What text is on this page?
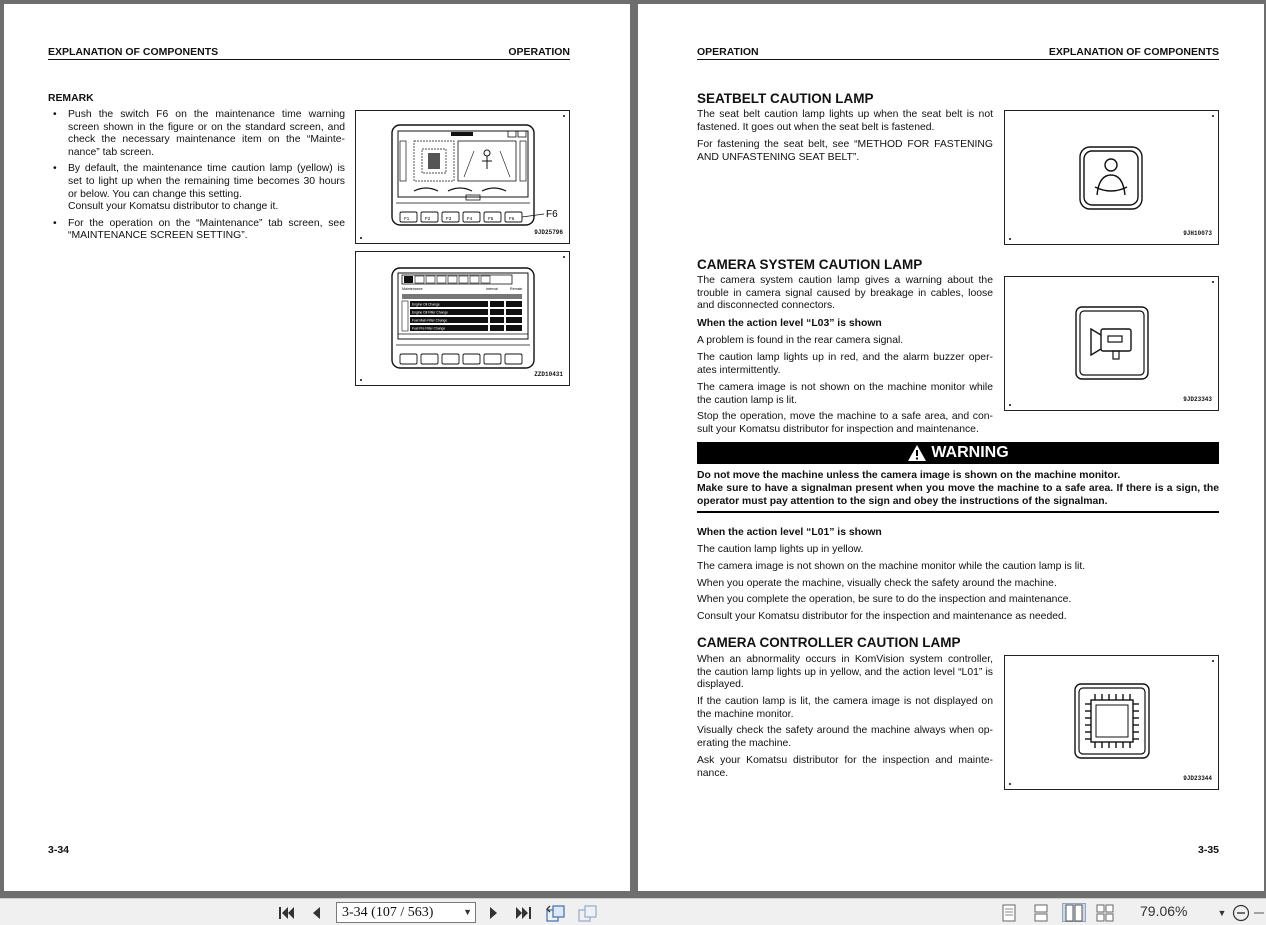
EXPLANATION OF COMPONENTS	OPERATION
REMARK
• Push the switch F6 on the maintenance time warning screen shown in the figure or on the standard screen, and check the necessary maintenance item on the “Mainte- nance” tab screen.
• By default, the maintenance time caution lamp (yellow) is set to light up when the remaining time becomes 30 hours or below. You can change this setting.
Consult your Komatsu distributor to change it.
• For the operation on the “Maintenance” tab screen, see “MAINTENANCE SCREEN SETTING”.
F1	F2	F3	F4	F5	F6	F6
9JD25796
Maintenance	Interval	Remain
Engine Oil Change
Engine Oil Filter Change
Fuel Main Filter Change
Fuel Pre Filter Change
ZZD10431
3-34
OPERATION	EXPLANATION OF COMPONENTS
SEATBELT CAUTION LAMP
The seat belt caution lamp lights up when the seat belt is not fastened. It goes out when the seat belt is fastened.
For fastening the seat belt, see “METHOD FOR FASTENING AND UNFASTENING SEAT BELT”.
9JH10073
CAMERA SYSTEM CAUTION LAMP
The camera system caution lamp gives a warning about the trouble in camera signal caused by breakage in cables, loose and disconnected connectors.
When the action level “L03” is shown
A problem is found in the rear camera signal.
The caution lamp lights up in red, and the alarm buzzer oper- ates intermittently.
The camera image is not shown on the machine monitor while the caution lamp is lit.
Stop the operation, move the machine to a safe area, and con- sult your Komatsu distributor for inspection and maintenance.
9JD23343
WARNING
Do not move the machine unless the camera image is shown on the machine monitor.
Make sure to have a signalman present when you move the machine to a safe area. If there is a sign, the operator must pay attention to the sign and obey the instructions of the signalman.
When the action level “L01” is shown
The caution lamp lights up in yellow.
The camera image is not shown on the machine monitor while the caution lamp is lit.
When you operate the machine, visually check the safety around the machine.
When you complete the operation, be sure to do the inspection and maintenance.
Consult your Komatsu distributor for the inspection and maintenance as needed.
CAMERA CONTROLLER CAUTION LAMP
When an abnormality occurs in KomVision system controller, the caution lamp lights up in yellow, and the action level “L01” is displayed.
If the caution lamp is lit, the camera image is not displayed on the machine monitor.
Visually check the safety around the machine always when op- erating the machine.
Ask your Komatsu distributor for the inspection and mainte- nance.	9JD23344
3-35
3-34 (107 / 563)	▼	79.06%	▼
